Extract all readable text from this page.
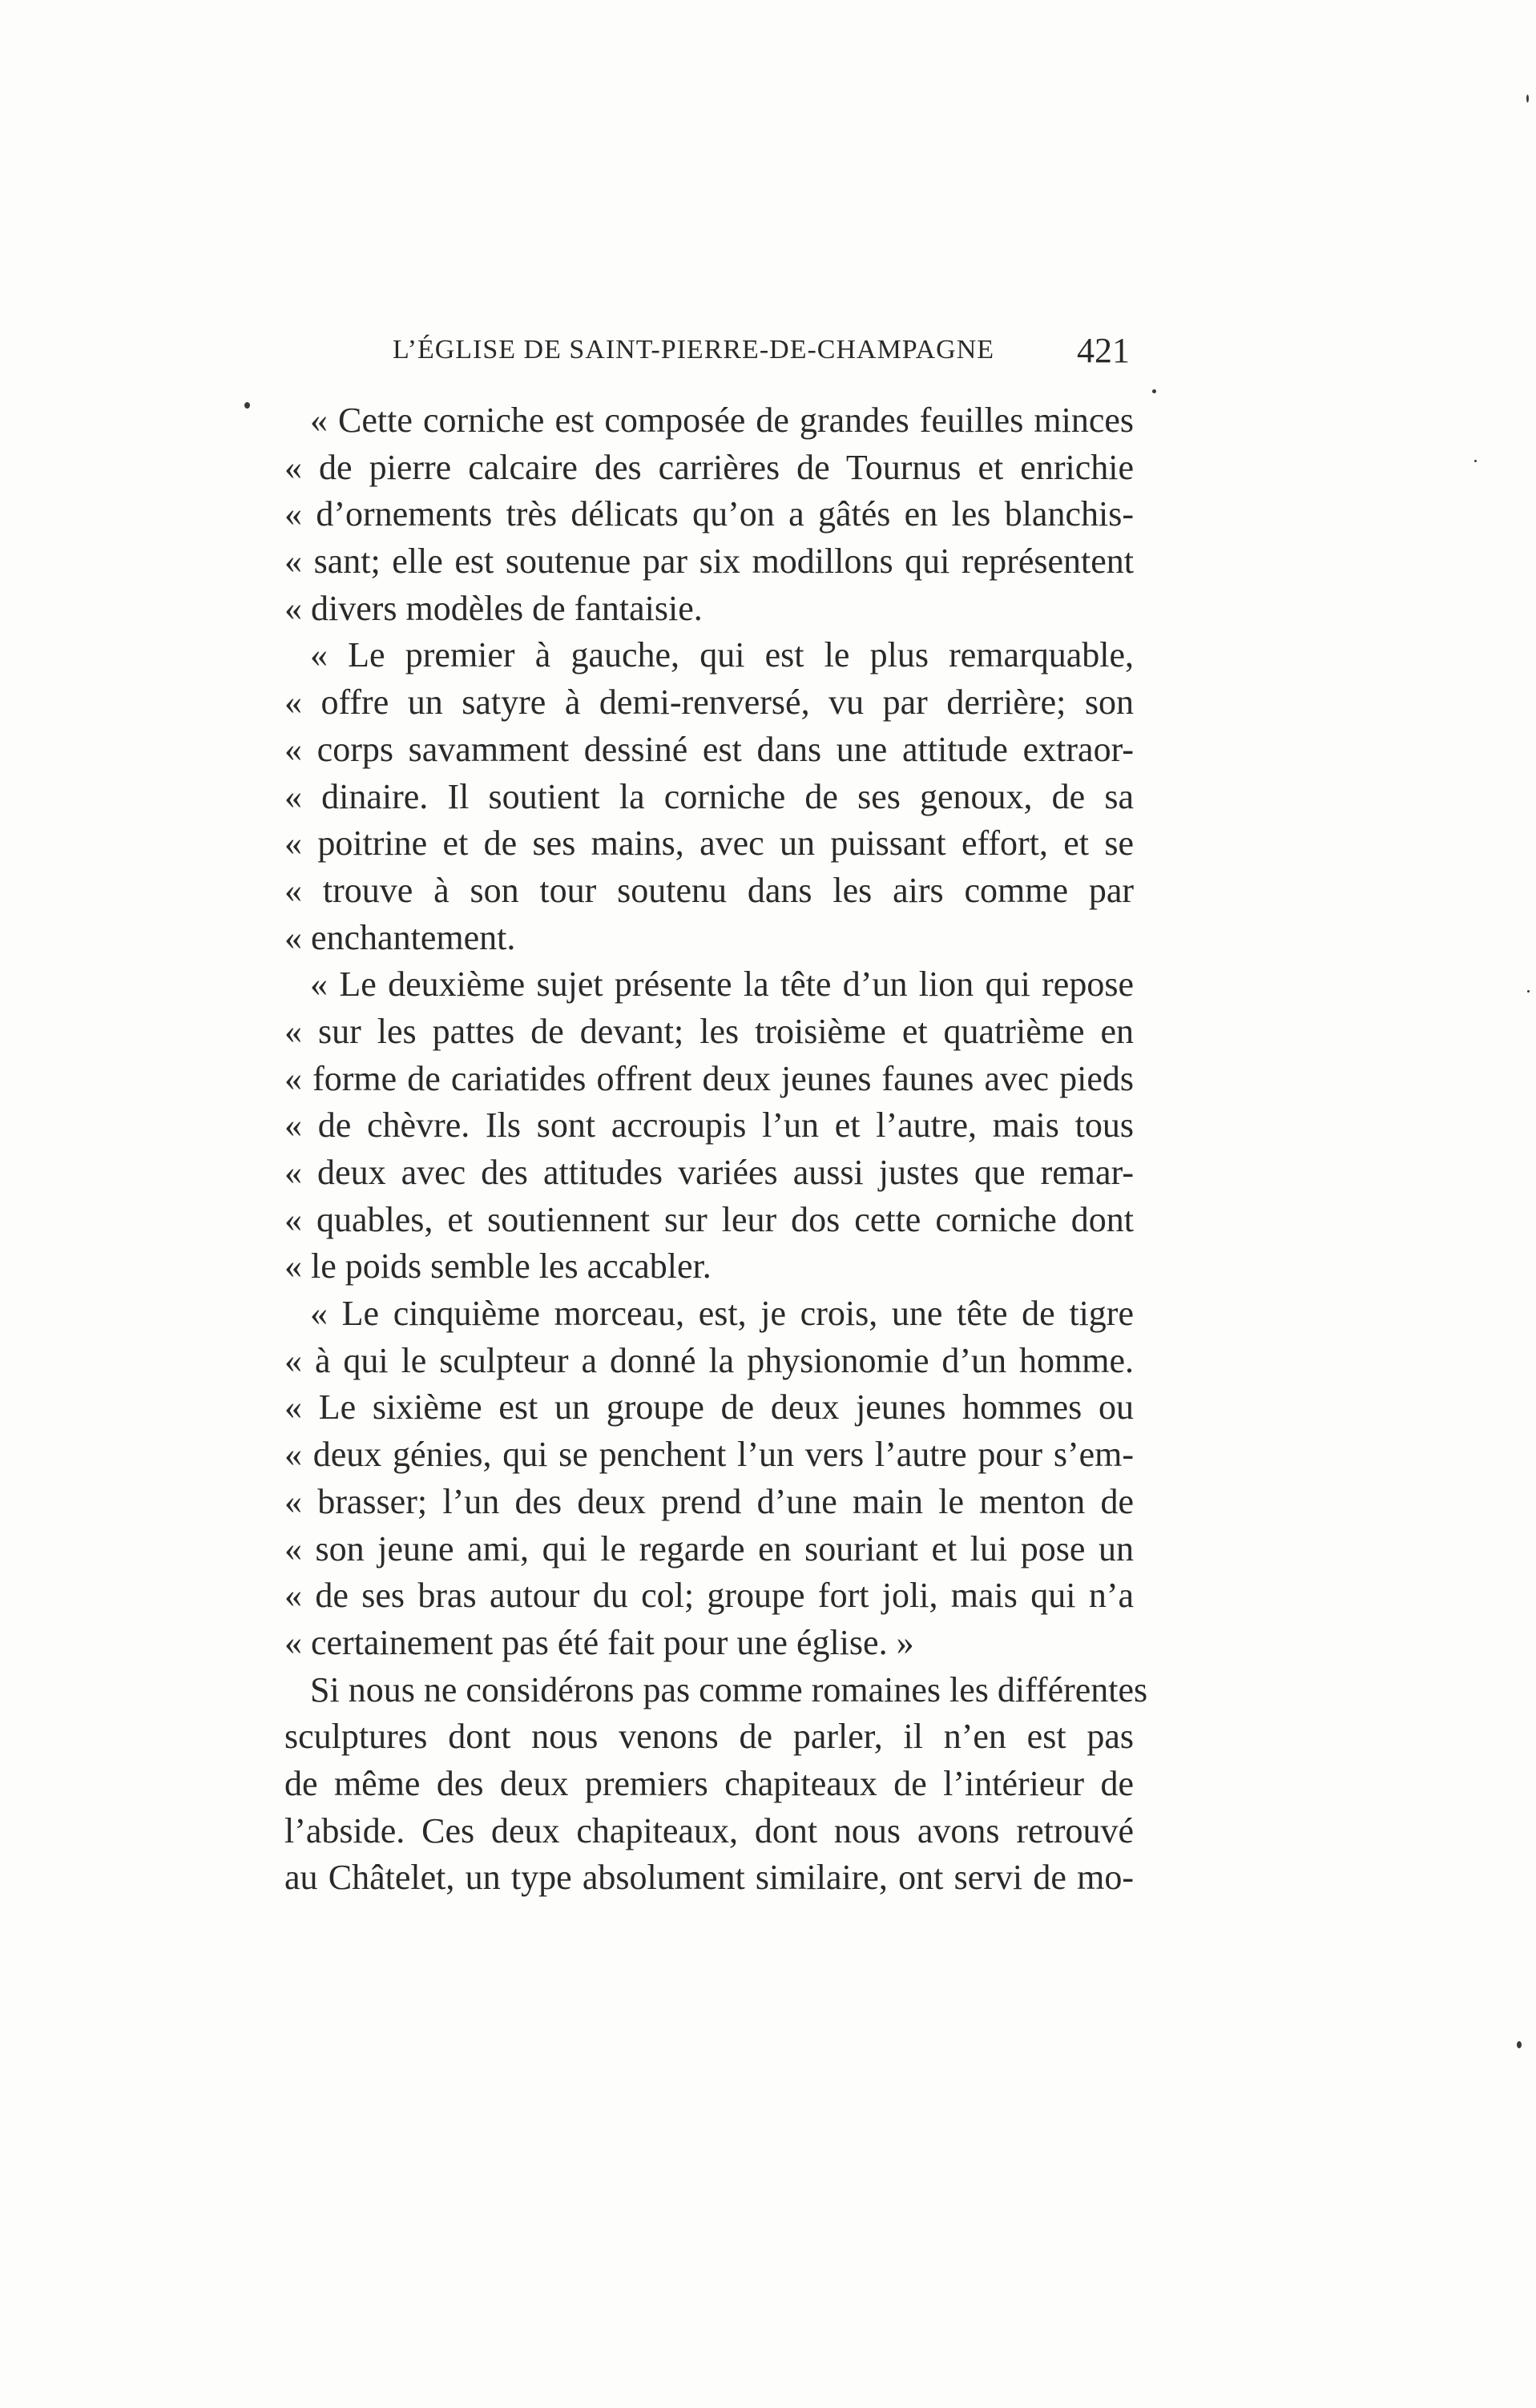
L’ÉGLISE DE SAINT-PIERRE-DE-CHAMPAGNE 421
« Cette corniche est composée de grandes feuilles minces
« de pierre calcaire des carrières de Tournus et enrichie
« d’ornements très délicats qu’on a gâtés en les blanchis-
« sant; elle est soutenue par six modillons qui représentent
« divers modèles de fantaisie.
« Le premier à gauche, qui est le plus remarquable,
« offre un satyre à demi-renversé, vu par derrière; son
« corps savamment dessiné est dans une attitude extraor-
« dinaire. Il soutient la corniche de ses genoux, de sa
« poitrine et de ses mains, avec un puissant effort, et se
« trouve à son tour soutenu dans les airs comme par
« enchantement.
« Le deuxième sujet présente la tête d’un lion qui repose
« sur les pattes de devant; les troisième et quatrième en
« forme de cariatides offrent deux jeunes faunes avec pieds
« de chèvre. Ils sont accroupis l’un et l’autre, mais tous
« deux avec des attitudes variées aussi justes que remar-
« quables, et soutiennent sur leur dos cette corniche dont
« le poids semble les accabler.
« Le cinquième morceau, est, je crois, une tête de tigre
« à qui le sculpteur a donné la physionomie d’un homme.
« Le sixième est un groupe de deux jeunes hommes ou
« deux génies, qui se penchent l’un vers l’autre pour s’em-
« brasser; l’un des deux prend d’une main le menton de
« son jeune ami, qui le regarde en souriant et lui pose un
« de ses bras autour du col; groupe fort joli, mais qui n’a
« certainement pas été fait pour une église. »
Si nous ne considérons pas comme romaines les différentes
sculptures dont nous venons de parler, il n’en est pas
de même des deux premiers chapiteaux de l’intérieur de
l’abside. Ces deux chapiteaux, dont nous avons retrouvé
au Châtelet, un type absolument similaire, ont servi de mo-
